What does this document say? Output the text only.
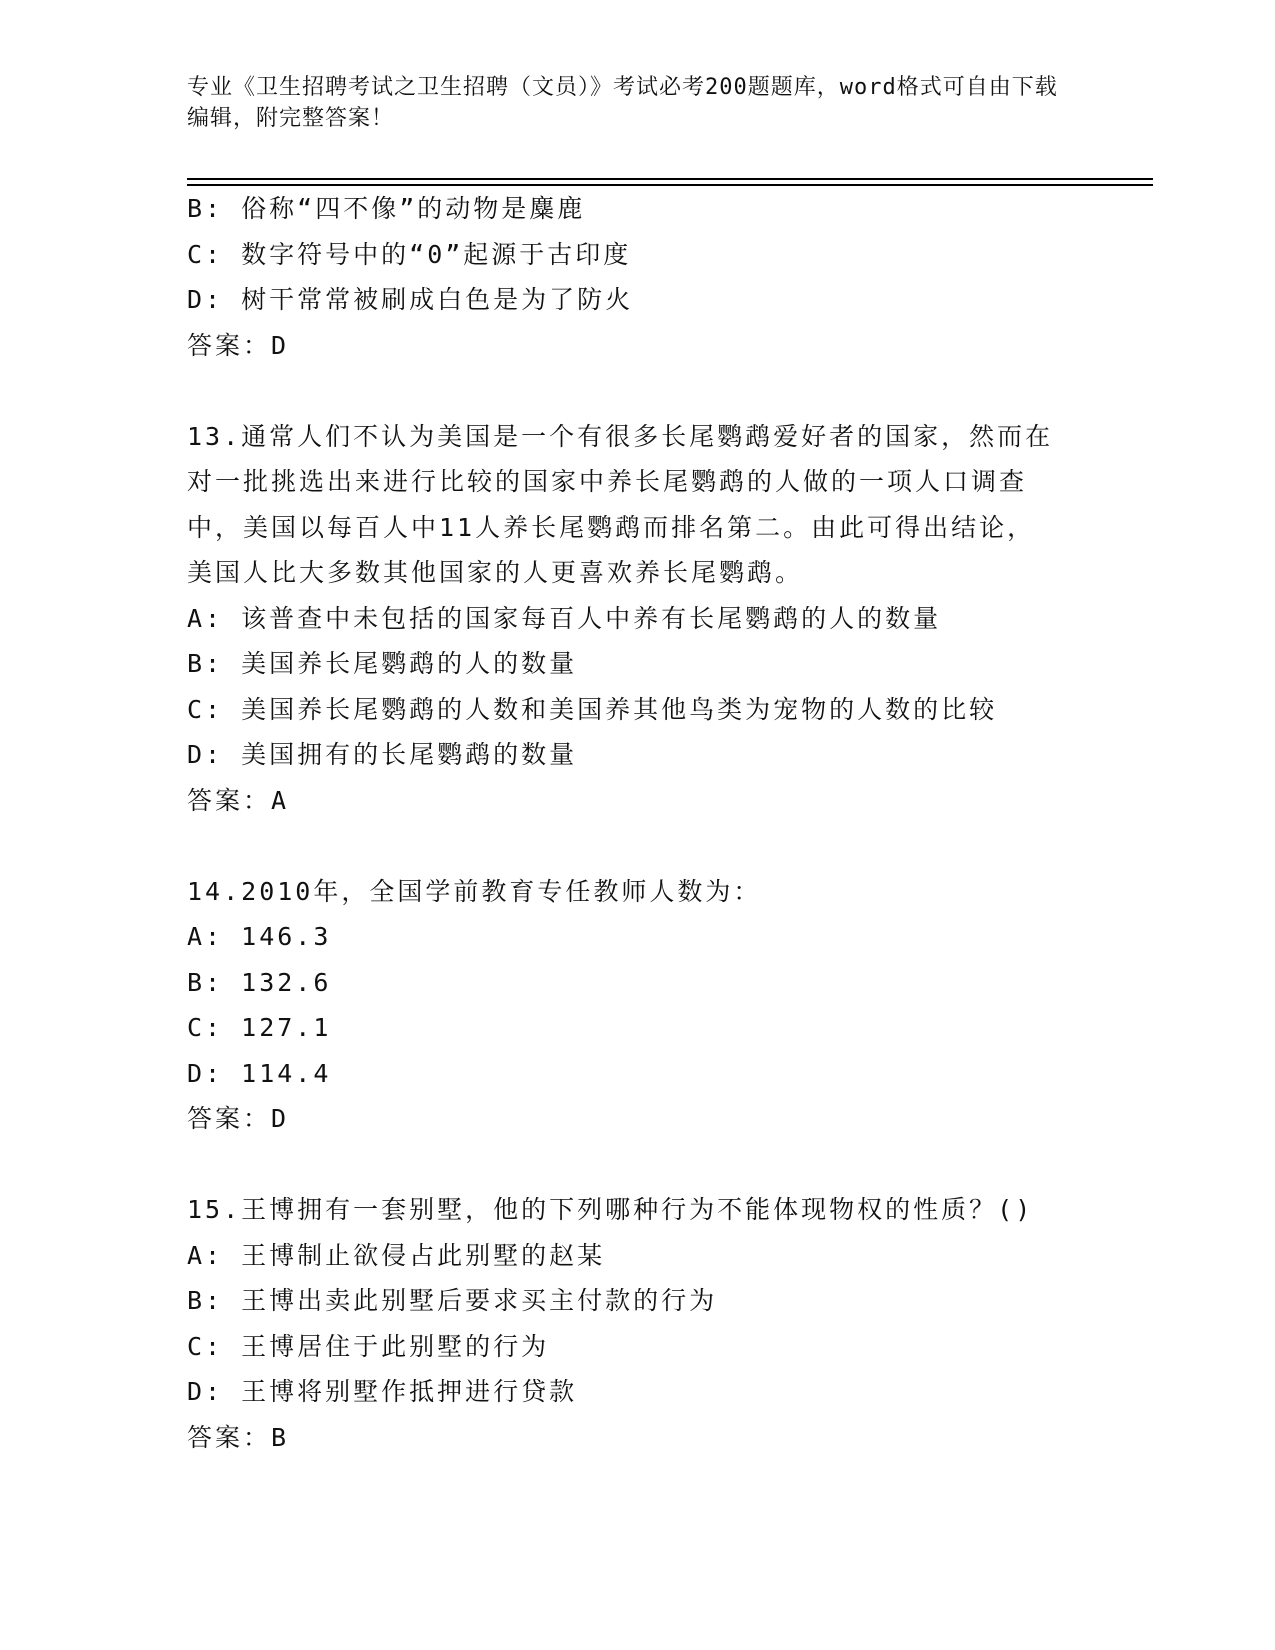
专业《卫生招聘考试之卫生招聘（文员）》考试必考200题题库，word格式可自由下载编辑，附完整答案！
B: 俗称“四不像”的动物是麋鹿
C: 数字符号中的“0”起源于古印度
D: 树干常常被刷成白色是为了防火
答案：D
13.通常人们不认为美国是一个有很多长尾鹦鹉爱好者的国家，然而在
对一批挑选出来进行比较的国家中养长尾鹦鹉的人做的一项人口调查
中，美国以每百人中11人养长尾鹦鹉而排名第二。由此可得出结论，
美国人比大多数其他国家的人更喜欢养长尾鹦鹉。
A: 该普查中未包括的国家每百人中养有长尾鹦鹉的人的数量
B: 美国养长尾鹦鹉的人的数量
C: 美国养长尾鹦鹉的人数和美国养其他鸟类为宠物的人数的比较
D: 美国拥有的长尾鹦鹉的数量
答案：A
14.2010年，全国学前教育专任教师人数为：
A: 146.3
B: 132.6
C: 127.1
D: 114.4
答案：D
15.王博拥有一套别墅，他的下列哪种行为不能体现物权的性质？()
A: 王博制止欲侵占此别墅的赵某
B: 王博出卖此别墅后要求买主付款的行为
C: 王博居住于此别墅的行为
D: 王博将别墅作抵押进行贷款
答案：B
